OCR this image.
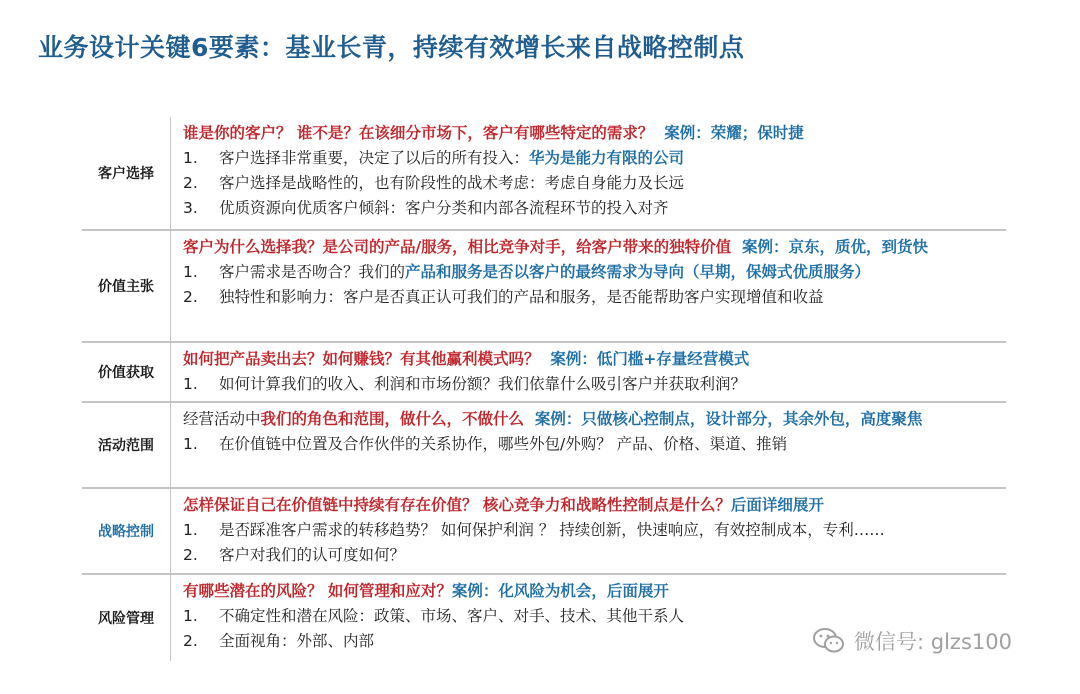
业务设计关键6要素：基业长青，持续有效增长来自战略控制点
客户选择
谁是你的客户？ 谁不是？在该细分市场下，客户有哪些特定的需求？ 案例：荣耀；保时捷
1.	客户选择非常重要，决定了以后的所有投入：华为是能力有限的公司
2.	客户选择是战略性的，也有阶段性的战术考虑：考虑自身能力及长远
3.	优质资源向优质客户倾斜：客户分类和内部各流程环节的投入对齐
价值主张
客户为什么选择我？是公司的产品/服务，相比竞争对手，给客户带来的独特价值 案例：京东，质优，到货快
1.	客户需求是否吻合？我们的产品和服务是否以客户的最终需求为导向（早期，保姆式优质服务）
2.	独特性和影响力：客户是否真正认可我们的产品和服务，是否能帮助客户实现增值和收益
价值获取
如何把产品卖出去？如何赚钱？有其他赢利模式吗？ 案例：低门槛+存量经营模式
1.	如何计算我们的收入、利润和市场份额？我们依靠什么吸引客户并获取利润？
活动范围
经营活动中我们的角色和范围，做什么，不做什么 案例：只做核心控制点，设计部分，其余外包，高度聚焦
1.	在价值链中位置及合作伙伴的关系协作，哪些外包/外购？ 产品、价格、渠道、推销
战略控制
怎样保证自己在价值链中持续有存在价值？ 核心竞争力和战略性控制点是什么？后面详细展开
1.	是否踩准客户需求的转移趋势？ 如何保护利润 ？ 持续创新，快速响应，有效控制成本，专利……
2.	客户对我们的认可度如何？
风险管理
有哪些潜在的风险？ 如何管理和应对？案例：化风险为机会，后面展开
1.	不确定性和潜在风险：政策、市场、客户、对手、技术、其他干系人
2.	全面视角：外部、内部	微信号: glzs100
